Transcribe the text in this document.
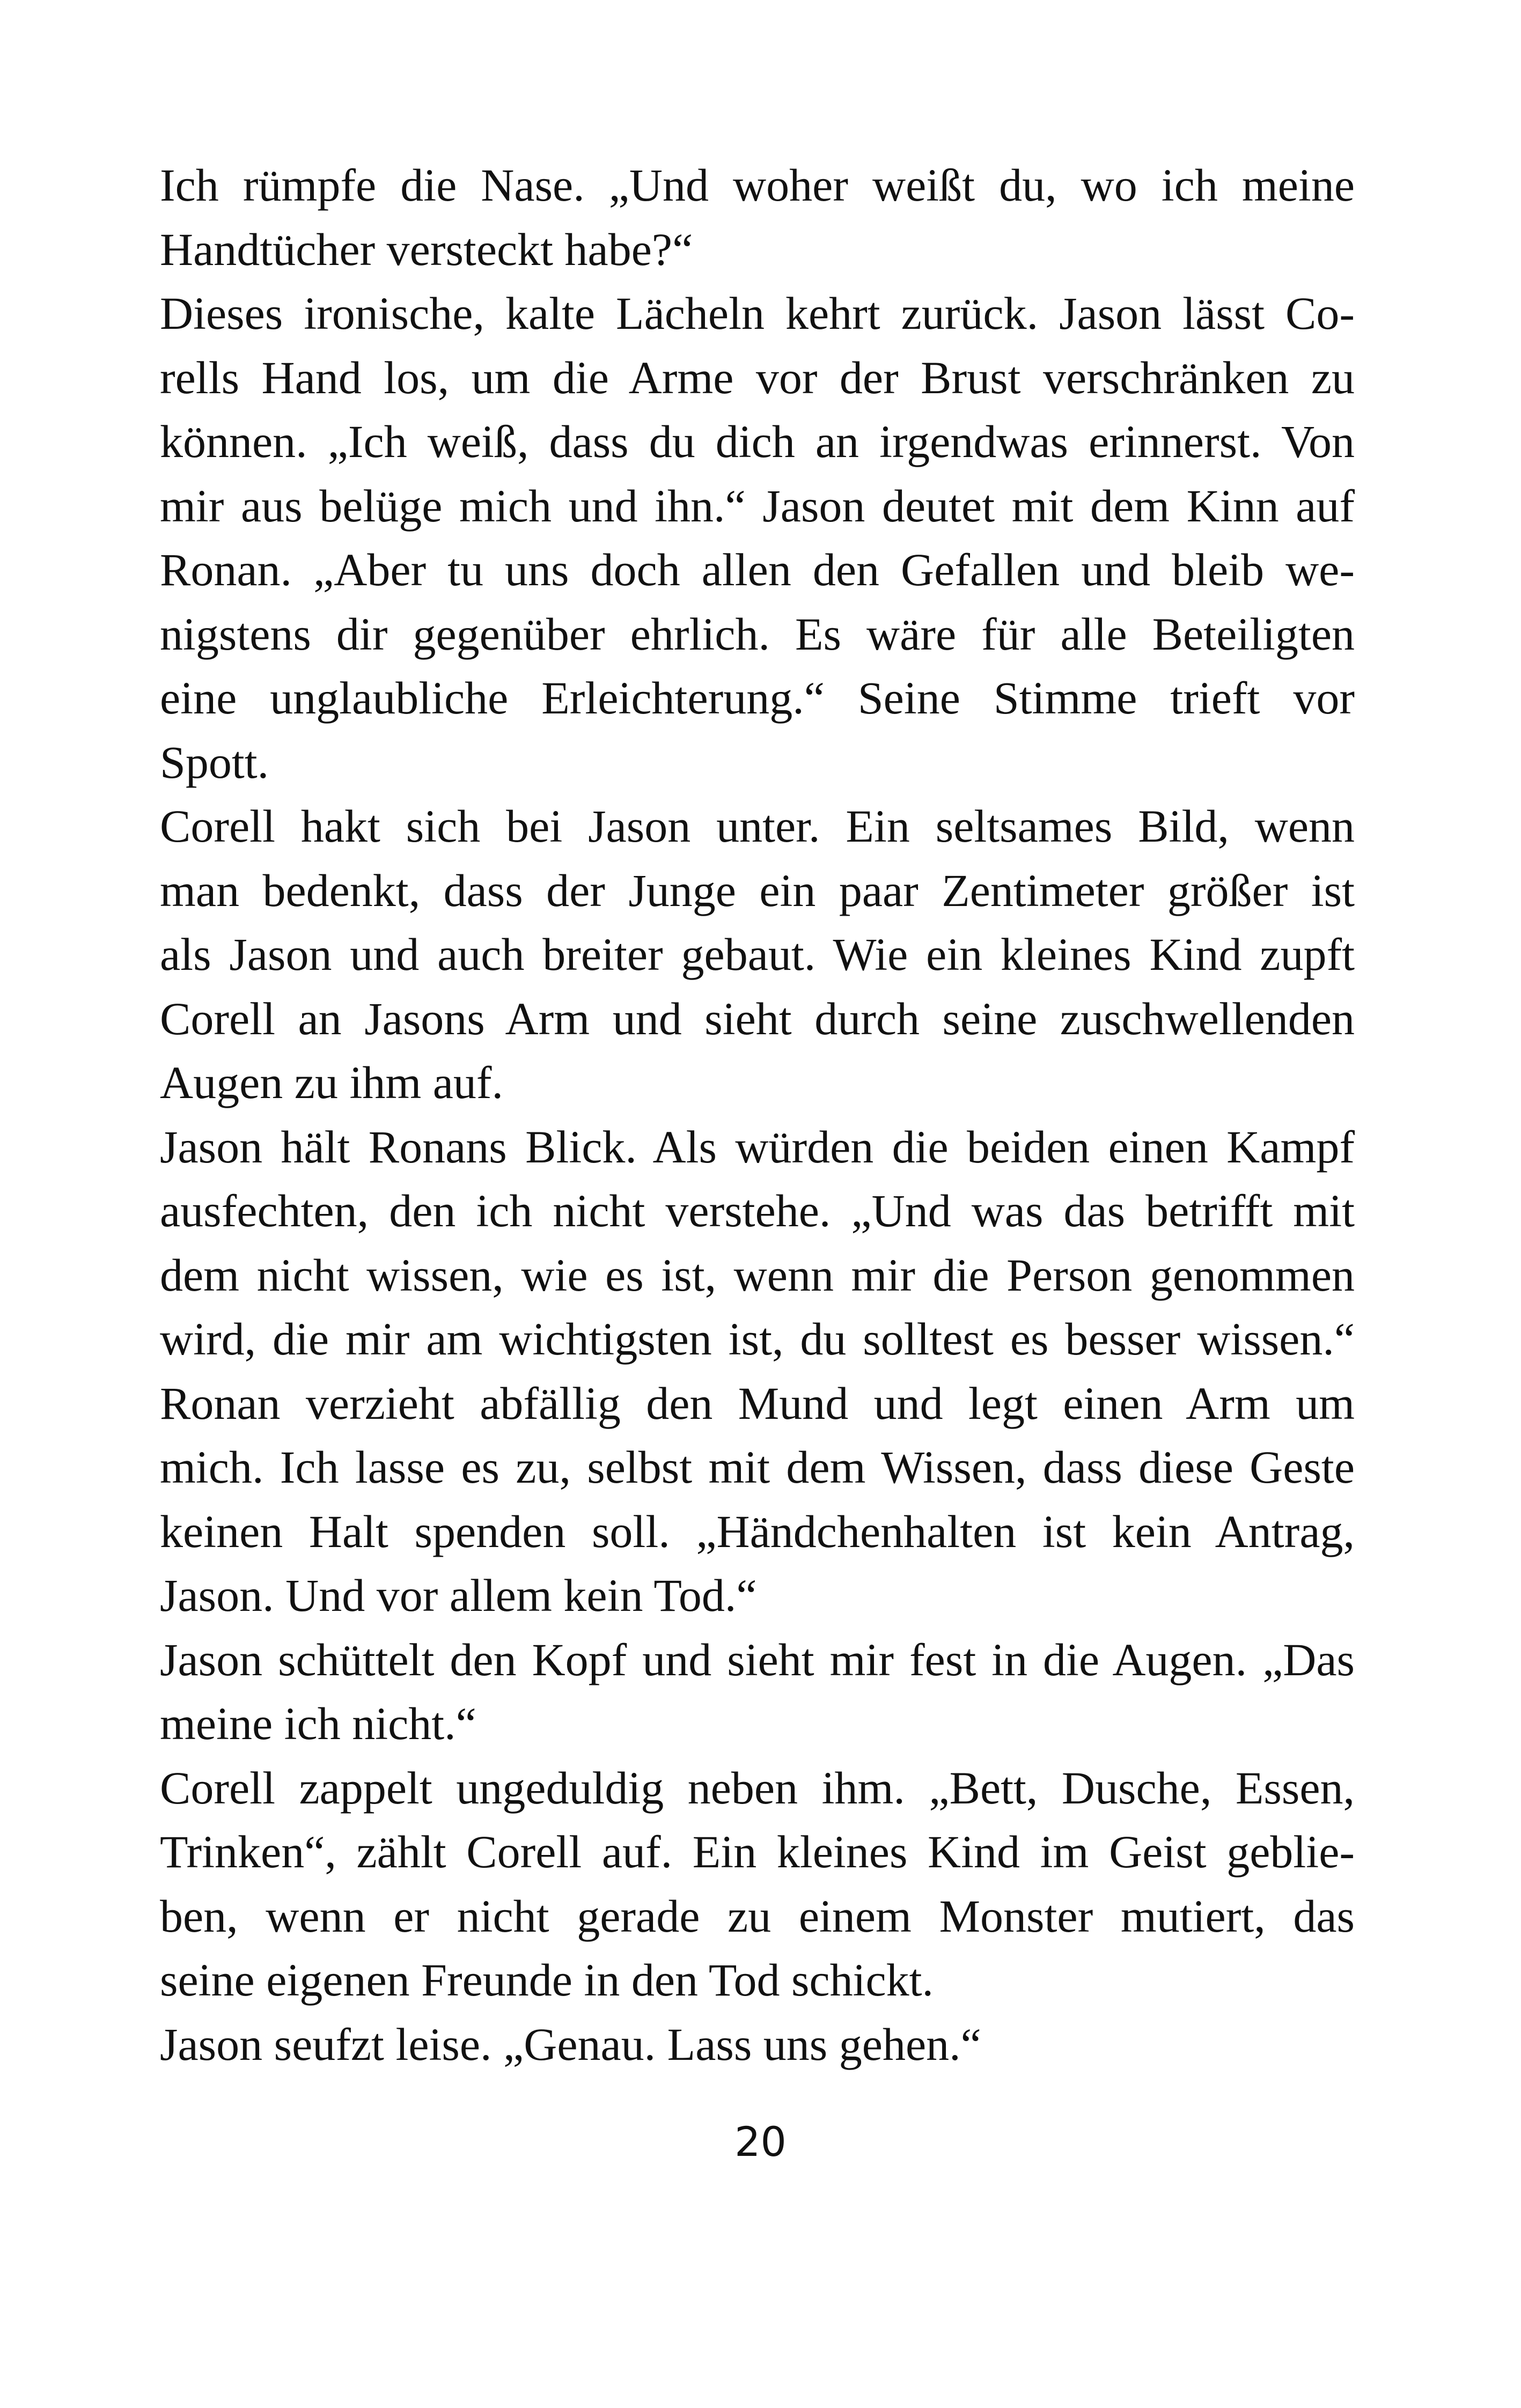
Ich rümpfe die Nase. „Und woher weißt du, wo ich meine
Handtücher versteckt habe?“
Dieses ironische, kalte Lächeln kehrt zurück. Jason lässt Co-
rells Hand los, um die Arme vor der Brust verschränken zu
können. „Ich weiß, dass du dich an irgendwas erinnerst. Von
mir aus belüge mich und ihn.“ Jason deutet mit dem Kinn auf
Ronan. „Aber tu uns doch allen den Gefallen und bleib we-
nigstens dir gegenüber ehrlich. Es wäre für alle Beteiligten
eine unglaubliche Erleichterung.“ Seine Stimme trieft vor
Spott.
Corell hakt sich bei Jason unter. Ein seltsames Bild, wenn
man bedenkt, dass der Junge ein paar Zentimeter größer ist
als Jason und auch breiter gebaut. Wie ein kleines Kind zupft
Corell an Jasons Arm und sieht durch seine zuschwellenden
Augen zu ihm auf.
Jason hält Ronans Blick. Als würden die beiden einen Kampf
ausfechten, den ich nicht verstehe. „Und was das betrifft mit
dem nicht wissen, wie es ist, wenn mir die Person genommen
wird, die mir am wichtigsten ist, du solltest es besser wissen.“
Ronan verzieht abfällig den Mund und legt einen Arm um
mich. Ich lasse es zu, selbst mit dem Wissen, dass diese Geste
keinen Halt spenden soll. „Händchenhalten ist kein Antrag,
Jason. Und vor allem kein Tod.“
Jason schüttelt den Kopf und sieht mir fest in die Augen. „Das
meine ich nicht.“
Corell zappelt ungeduldig neben ihm. „Bett, Dusche, Essen,
Trinken“, zählt Corell auf. Ein kleines Kind im Geist geblie-
ben, wenn er nicht gerade zu einem Monster mutiert, das
seine eigenen Freunde in den Tod schickt.
Jason seufzt leise. „Genau. Lass uns gehen.“
20
